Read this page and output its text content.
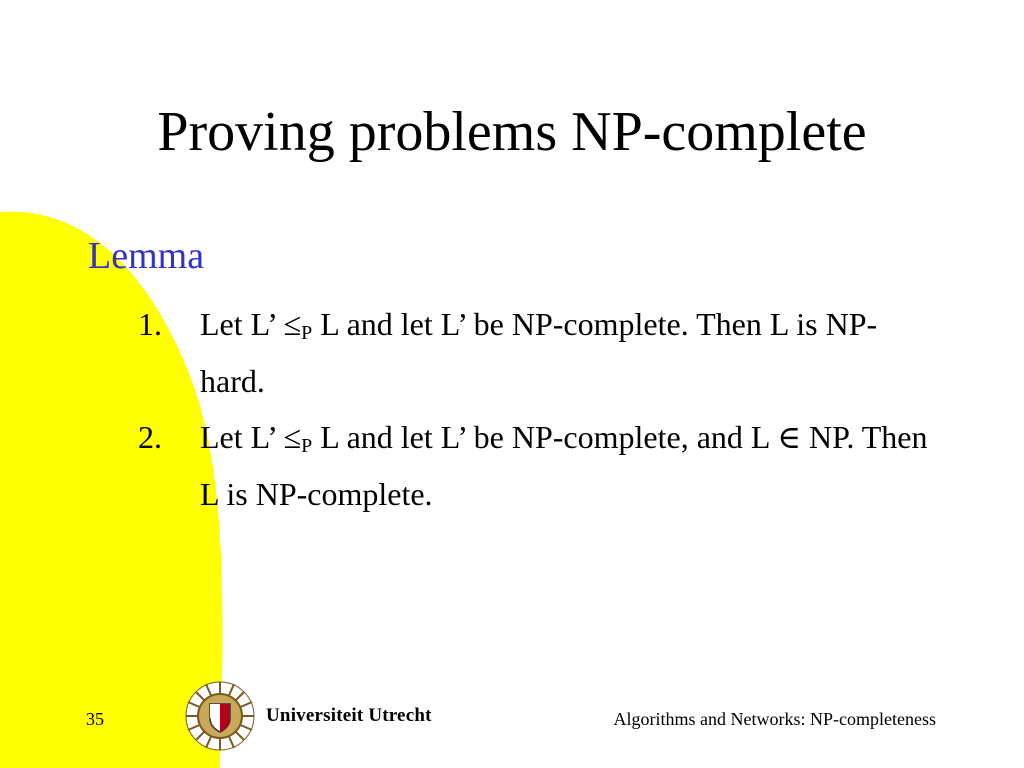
Proving problems NP-complete
Lemma
1. Let L’ $\le_P$ L and let L’ be NP-complete. Then L is NP-hard.
2. Let L’ $\le_P$ L and let L’ be NP-complete, and L ∈ NP. Then L is NP-complete.
35	Universiteit Utrecht	Algorithms and Networks: NP-completeness
